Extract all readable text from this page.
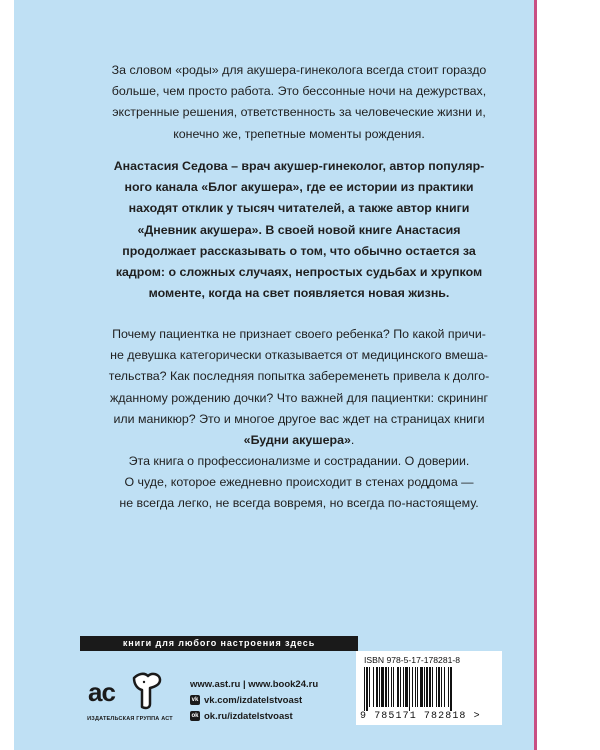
За словом «роды» для акушера-гинеколога всегда стоит гораздо
больше, чем просто работа. Это бессонные ночи на дежурствах,
экстренные решения, ответственность за человеческие жизни и,
конечно же, трепетные моменты рождения.
Анастасия Седова – врач акушер-гинеколог, автор популяр-
ного канала «Блог акушера», где ее истории из практики
находят отклик у тысяч читателей, а также автор книги
«Дневник акушера». В своей новой книге Анастасия
продолжает рассказывать о том, что обычно остается за
кадром: о сложных случаях, непростых судьбах и хрупком
моменте, когда на свет появляется новая жизнь.
Почему пациентка не признает своего ребенка? По какой причи-
не девушка категорически отказывается от медицинского вмеша-
тельства? Как последняя попытка забеременеть привела к долго-
жданному рождению дочки? Что важней для пациентки: скрининг
или маникюр? Это и многое другое вас ждет на страницах книги
«Будни акушера».
Эта книга о профессионализме и сострадании. О доверии.
О чуде, которое ежедневно происходит в стенах роддома —
не всегда легко, не всегда вовремя, но всегда по-настоящему.
книги для любого настроения здесь
ac
ИЗДАТЕЛЬСКАЯ ГРУППА АСТ
www.ast.ru | www.book24.ru
vk vk.com/izdatelstvoast
ok ok.ru/izdatelstvoast
ISBN 978-5-17-178281-8
9 785171 782818 >
